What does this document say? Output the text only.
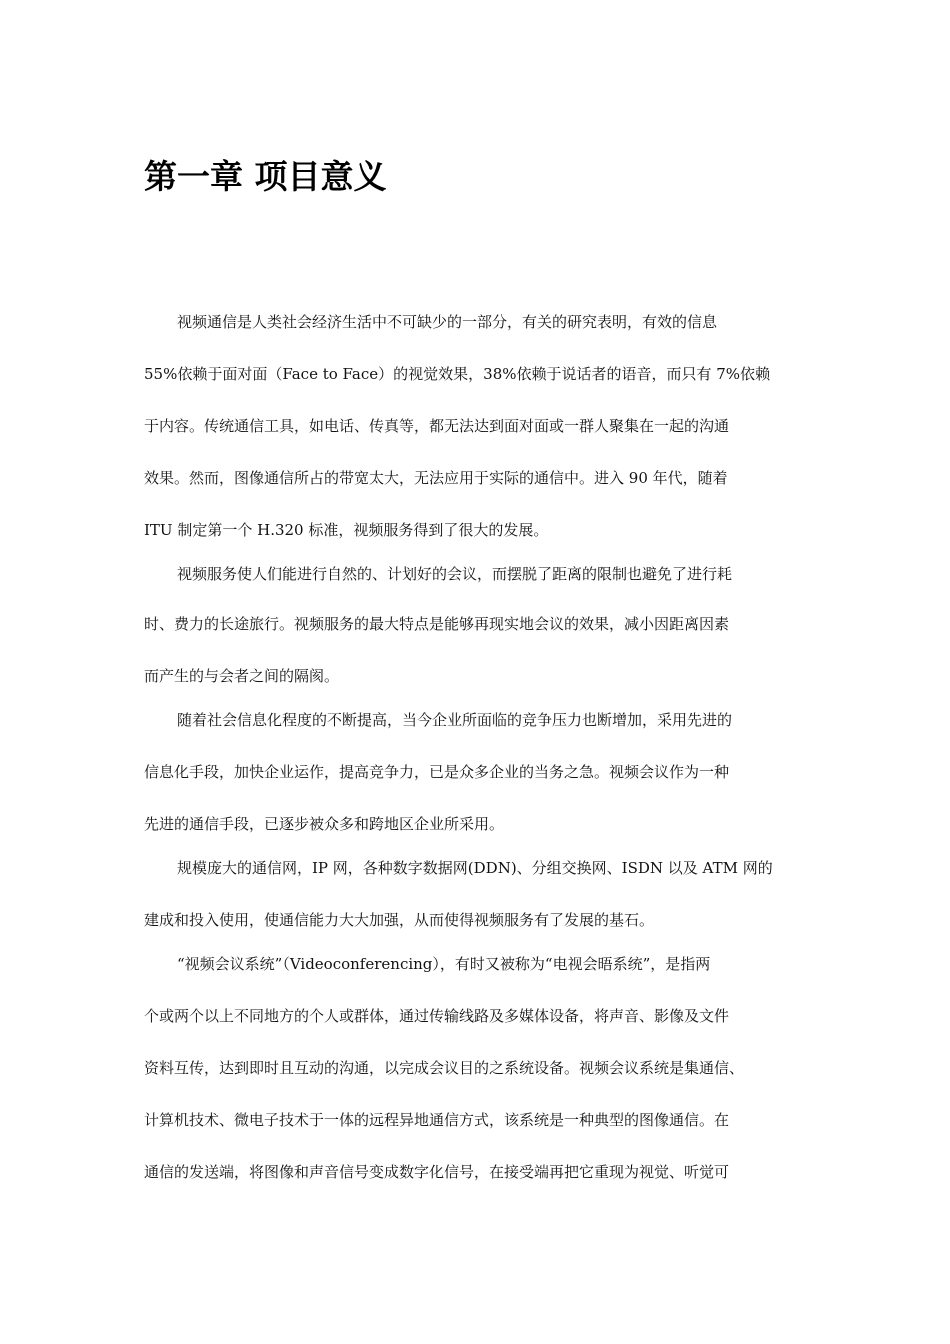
第一章 项目意义
视频通信是人类社会经济生活中不可缺少的一部分，有关的研究表明，有效的信息
55%依赖于面对面（Face to Face）的视觉效果，38%依赖于说话者的语音，而只有 7%依赖
于内容。传统通信工具，如电话、传真等，都无法达到面对面或一群人聚集在一起的沟通
效果。然而，图像通信所占的带宽太大，无法应用于实际的通信中。进入 90 年代，随着
ITU 制定第一个 H.320 标准，视频服务得到了很大的发展。
视频服务使人们能进行自然的、计划好的会议，而摆脱了距离的限制也避免了进行耗
时、费力的长途旅行。视频服务的最大特点是能够再现实地会议的效果，减小因距离因素
而产生的与会者之间的隔阂。
随着社会信息化程度的不断提高，当今企业所面临的竞争压力也断增加，采用先进的
信息化手段，加快企业运作，提高竞争力，已是众多企业的当务之急。视频会议作为一种
先进的通信手段，已逐步被众多和跨地区企业所采用。
规模庞大的通信网，IP 网，各种数字数据网(DDN)、分组交换网、ISDN 以及 ATM 网的
建成和投入使用，使通信能力大大加强，从而使得视频服务有了发展的基石。
“视频会议系统”（Videoconferencing），有时又被称为“电视会晤系统”，是指两
个或两个以上不同地方的个人或群体，通过传输线路及多媒体设备，将声音、影像及文件
资料互传，达到即时且互动的沟通，以完成会议目的之系统设备。视频会议系统是集通信、
计算机技术、微电子技术于一体的远程异地通信方式，该系统是一种典型的图像通信。在
通信的发送端，将图像和声音信号变成数字化信号，在接受端再把它重现为视觉、听觉可
